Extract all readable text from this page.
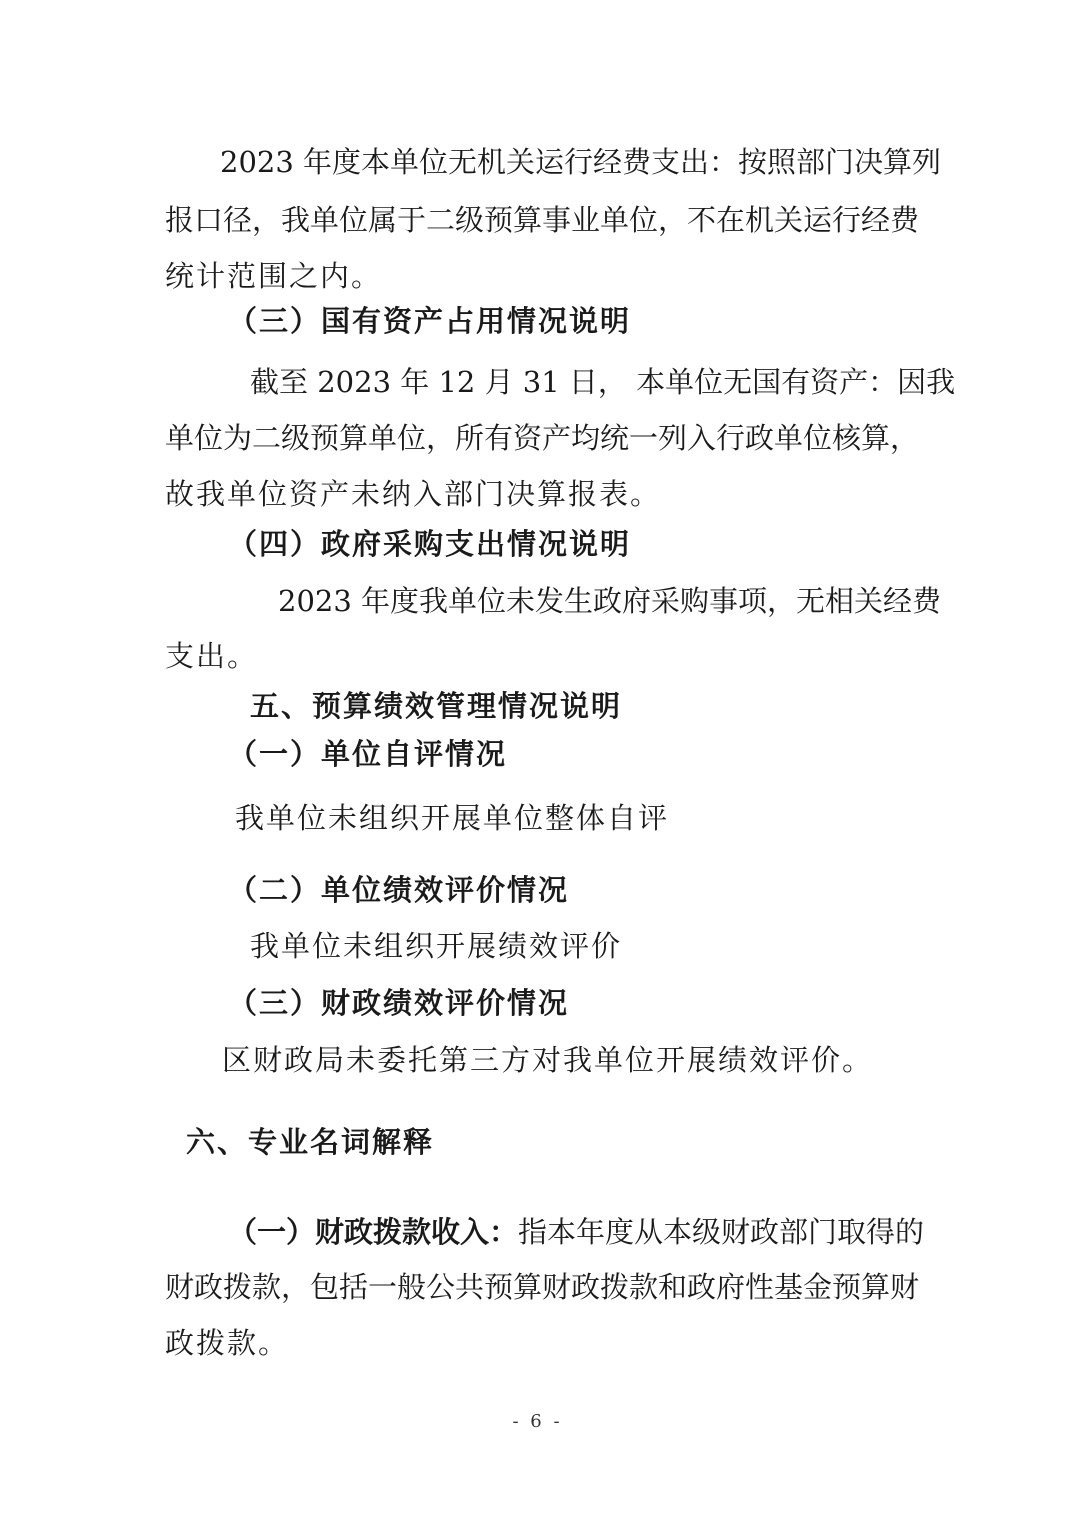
2023 年度本单位无机关运行经费支出：按照部门决算列
报口径，我单位属于二级预算事业单位，不在机关运行经费
统计范围之内。
（三）国有资产占用情况说明
截至 2023 年 12 月 31 日， 本单位无国有资产：因我
单位为二级预算单位，所有资产均统一列入行政单位核算，
故我单位资产未纳入部门决算报表。
（四）政府采购支出情况说明
2023 年度我单位未发生政府采购事项，无相关经费
支出。
五、预算绩效管理情况说明
（一）单位自评情况
我单位未组织开展单位整体自评
（二）单位绩效评价情况
我单位未组织开展绩效评价
（三）财政绩效评价情况
区财政局未委托第三方对我单位开展绩效评价。
六、专业名词解释
（一）财政拨款收入：指本年度从本级财政部门取得的
财政拨款，包括一般公共预算财政拨款和政府性基金预算财
政拨款。
- 6 -
